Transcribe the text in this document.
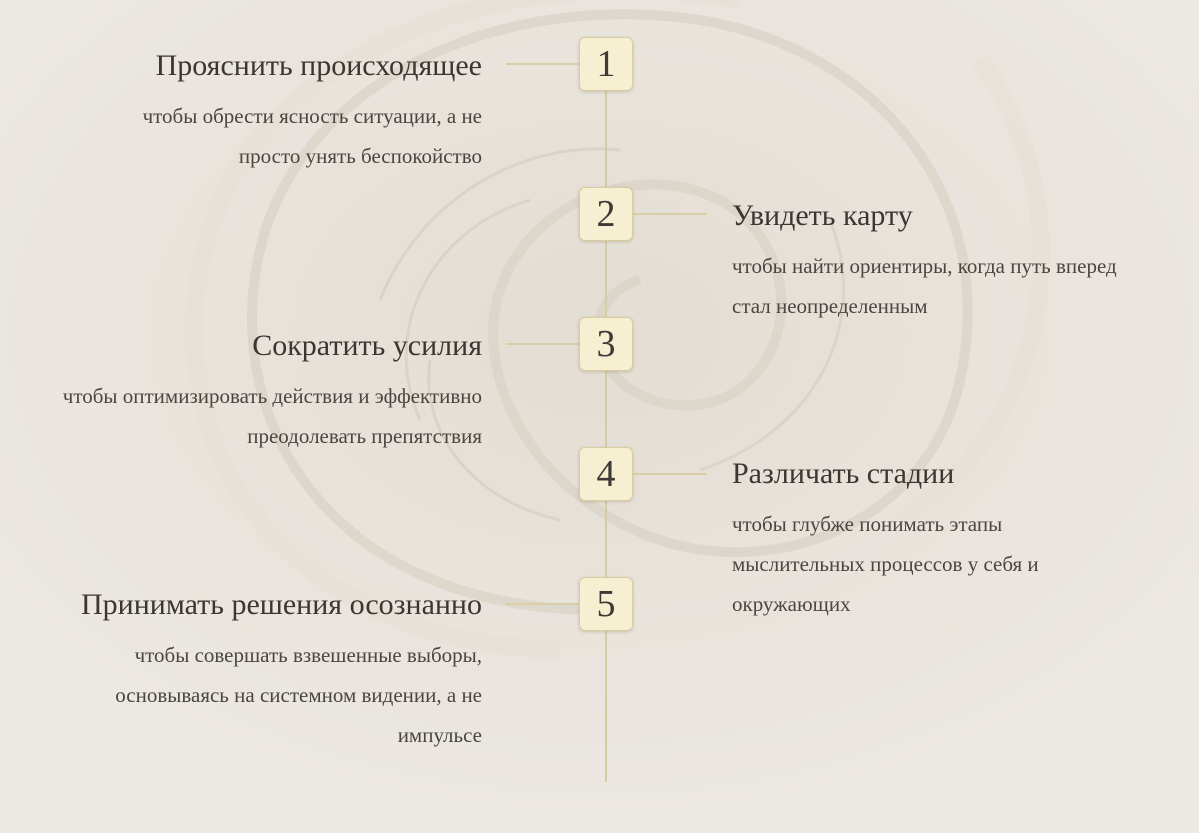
1
Прояснить происходящее
чтобы обрести ясность ситуации, а не просто унять беспокойство
2	Увидеть карту
чтобы найти ориентиры, когда путь вперед стал неопределенным
3
Сократить усилия
чтобы оптимизировать действия и эффективно преодолевать препятствия
4	Различать стадии
чтобы глубже понимать этапы мыслительных процессов у себя и окружающих
5
Принимать решения осознанно
чтобы совершать взвешенные выборы, основываясь на системном видении, а не импульсе
